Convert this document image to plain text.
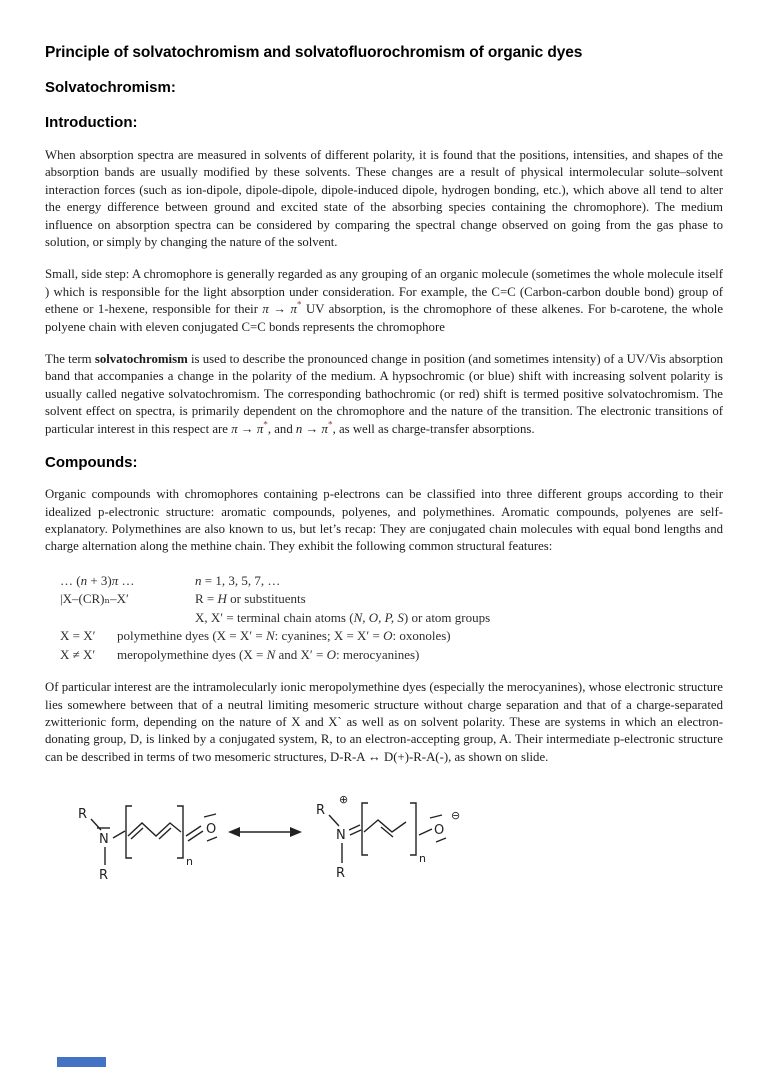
Principle of solvatochromism and solvatofluorochromism of organic dyes
Solvatochromism:
Introduction:

When absorption spectra are measured in solvents of different polarity, it is found that the positions, intensities, and shapes of the absorption bands are usually modified by these solvents. These changes are a result of physical intermolecular solute–solvent interaction forces (such as ion-dipole, dipole-dipole, dipole-induced dipole, hydrogen bonding, etc.), which above all tend to alter the energy difference between ground and excited state of the absorbing species containing the chromophore). The medium influence on absorption spectra can be considered by comparing the spectral change observed on going from the gas phase to solution, or simply by changing the nature of the solvent.

Small, side step: A chromophore is generally regarded as any grouping of an organic molecule (sometimes the whole molecule itself ) which is responsible for the light absorption under consideration. For example, the C=C (Carbon-carbon double bond) group of ethene or 1-hexene, responsible for their π → π* UV absorption, is the chromophore of these alkenes. For b-carotene, the whole polyene chain with eleven conjugated C=C bonds represents the chromophore

The term solvatochromism is used to describe the pronounced change in position (and sometimes intensity) of a UV/Vis absorption band that accompanies a change in the polarity of the medium. A hypsochromic (or blue) shift with increasing solvent polarity is usually called negative solvatochromism. The corresponding bathochromic (or red) shift is termed positive solvatochromism. The solvent effect on spectra, is primarily dependent on the chromophore and the nature of the transition. The electronic transitions of particular interest in this respect are π → π*, and n → π*, as well as charge-transfer absorptions.

Compounds:

Organic compounds with chromophores containing p-electrons can be classified into three different groups according to their idealized p-electronic structure: aromatic compounds, polyenes, and polymethines. Aromatic compounds, polyenes are self-explanatory. Polymethines are also known to us, but let’s recap: They are conjugated chain molecules with equal bond lengths and charge alternation along the methine chain. They exhibit the following common structural features:

… (n + 3)π …	n = 1, 3, 5, 7, …
|X–(CR)ₙ–X′	R = H or substituents
X, X′ = terminal chain atoms (N, O, P, S) or atom groups
X = X′ polymethine dyes (X = X′ = N: cyanines; X = X′ = O: oxonoles)
X ≠ X′ meropolymethine dyes (X = N and X′ = O: merocyanines)

Of particular interest are the intramolecularly ionic meropolymethine dyes (especially the merocyanines), whose electronic structure lies somewhere between that of a neutral limiting mesomeric structure without charge separation and that of a charge-separated zwitterionic form, depending on the nature of X and X` as well as on solvent polarity. These are systems in which an electron-donating group, D, is linked by a conjugated system, R, to an electron-accepting group, A. Their intermediate p-electronic structure can be described in terms of two mesomeric structures, D-R-A ↔ D(+)-R-A(-), as shown on slide.

R
N
R
n
O
R
⊕
N
R
n
O
⊖
